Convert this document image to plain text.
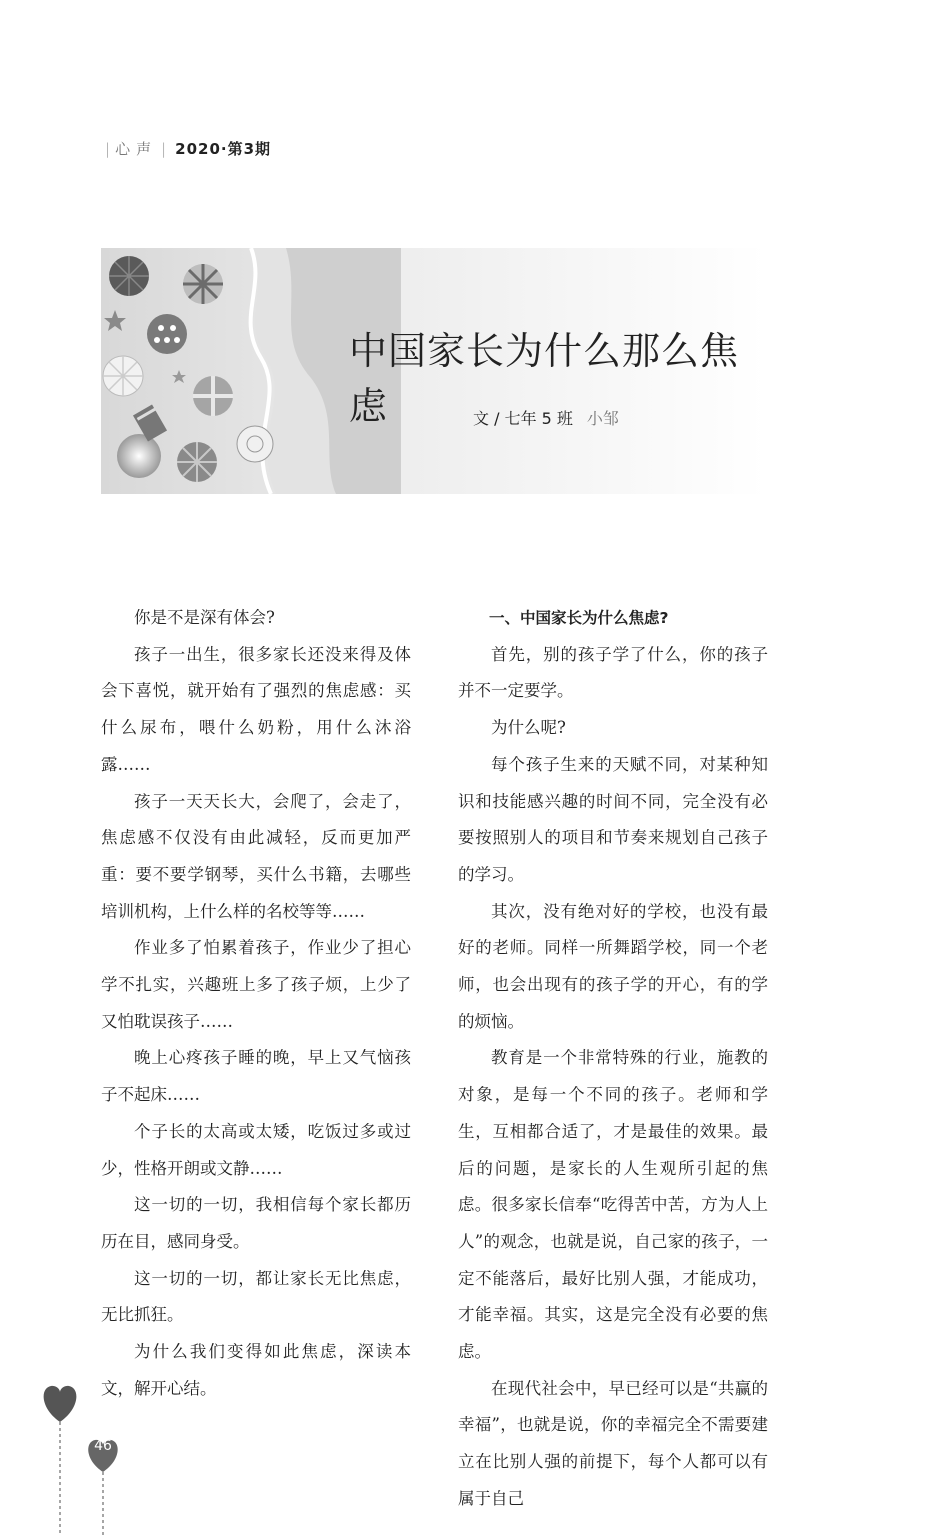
| 心声 | 2020·第3期
中国家长为什么那么焦虑	文 / 七年 5 班 小邹

你是不是深有体会?

孩子一出生，很多家长还没来得及体会下喜悦，就开始有了强烈的焦虑感：买什么尿布，喂什么奶粉，用什么沐浴露……

孩子一天天长大，会爬了，会走了，焦虑感不仅没有由此减轻，反而更加严重：要不要学钢琴，买什么书籍，去哪些培训机构，上什么样的名校等等……

作业多了怕累着孩子，作业少了担心学不扎实，兴趣班上多了孩子烦，上少了又怕耽误孩子……

晚上心疼孩子睡的晚，早上又气恼孩子不起床……

个子长的太高或太矮，吃饭过多或过少，性格开朗或文静……

这一切的一切，我相信每个家长都历历在目，感同身受。

这一切的一切，都让家长无比焦虑，无比抓狂。

为什么我们变得如此焦虑，深读本文，解开心结。

一、中国家长为什么焦虑?

首先，别的孩子学了什么，你的孩子并不一定要学。

为什么呢?

每个孩子生来的天赋不同，对某种知识和技能感兴趣的时间不同，完全没有必要按照别人的项目和节奏来规划自己孩子的学习。

其次，没有绝对好的学校，也没有最好的老师。同样一所舞蹈学校，同一个老师，也会出现有的孩子学的开心，有的学的烦恼。

教育是一个非常特殊的行业，施教的对象，是每一个不同的孩子。老师和学生，互相都合适了，才是最佳的效果。最后的问题，是家长的人生观所引起的焦虑。很多家长信奉“吃得苦中苦，方为人上人”的观念，也就是说，自己家的孩子，一定不能落后，最好比别人强，才能成功，才能幸福。其实，这是完全没有必要的焦虑。

在现代社会中，早已经可以是“共赢的幸福”，也就是说，你的幸福完全不需要建立在比别人强的前提下，每个人都可以有属于自己

46
